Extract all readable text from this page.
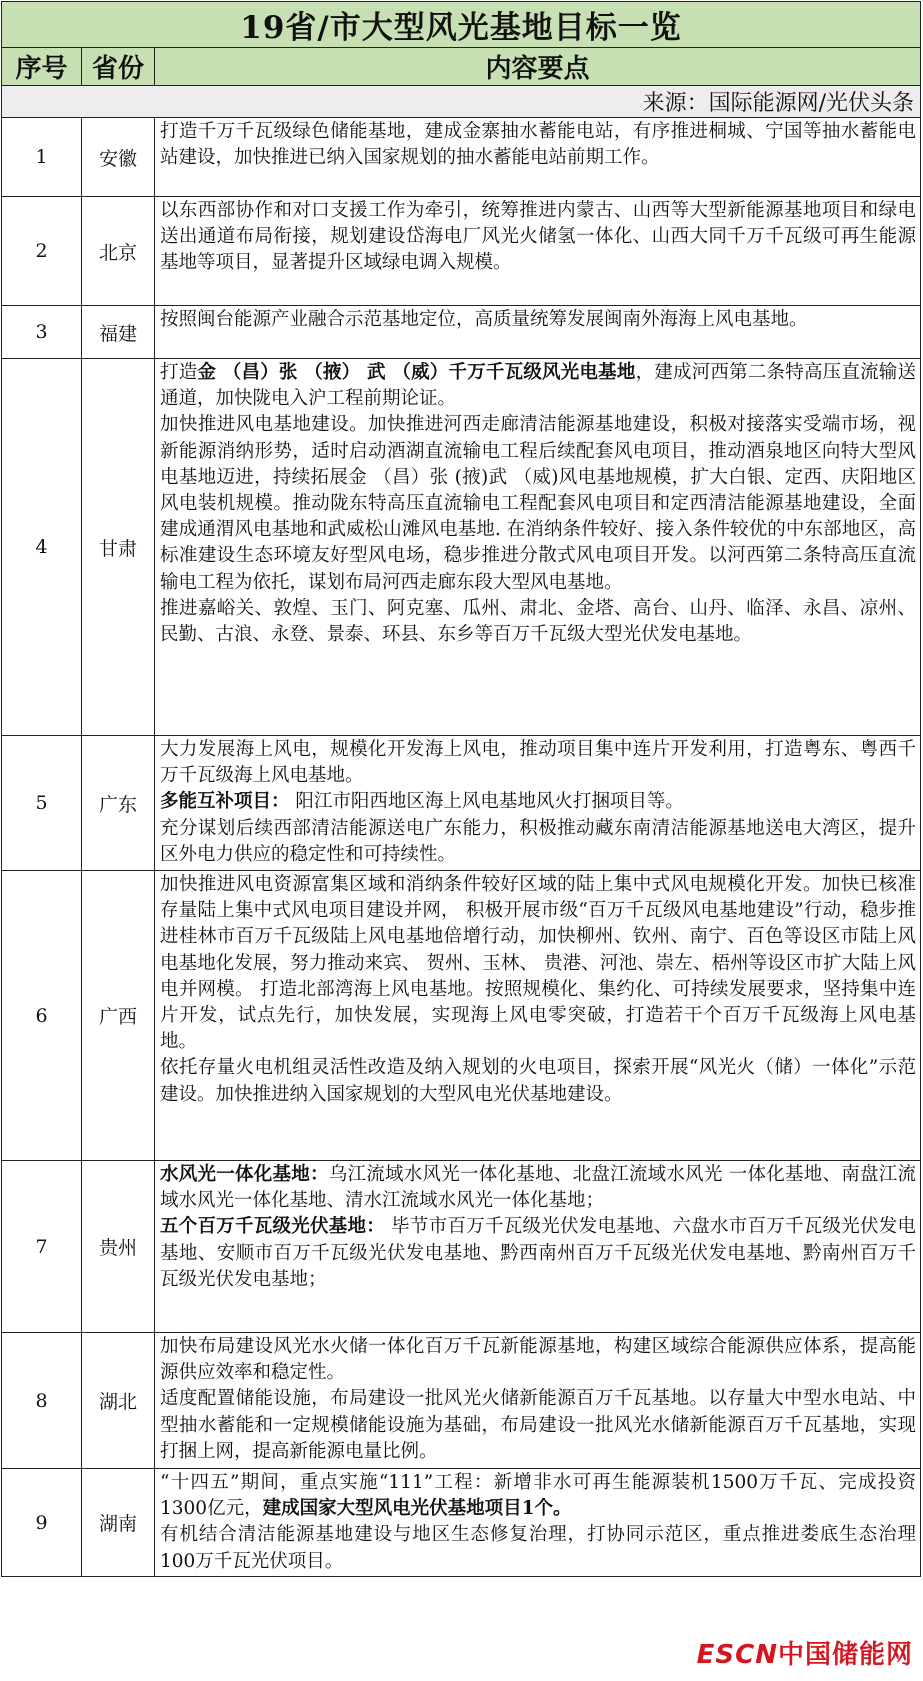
19省/市大型风光基地目标一览		
序号	省份	内容要点
来源：国际能源网/光伏头条		
1	安徽	打造千万千瓦级绿色储能基地，建成金寨抽水蓄能电站，有序推进桐城、宁国等抽水蓄能电站建设，加快推进已纳入国家规划的抽水蓄能电站前期工作。

2	北京	以东西部协作和对口支援工作为牵引，统筹推进内蒙古、山西等大型新能源基地项目和绿电送出通道布局衔接，规划建设岱海电厂风光火储氢一体化、山西大同千万千瓦级可再生能源基地等项目，显著提升区域绿电调入规模。

3	福建	按照闽台能源产业融合示范基地定位，高质量统筹发展闽南外海海上风电基地。

4	甘肃	打造金 （昌）张 （掖） 武 （威）千万千瓦级风光电基地，建成河西第二条特高压直流输送通道，加快陇电入沪工程前期论证。

加快推进风电基地建设。加快推进河西走廊清洁能源基地建设，积极对接落实受端市场，视新能源消纳形势，适时启动酒湖直流输电工程后续配套风电项目，推动酒泉地区向特大型风电基地迈进，持续拓展金 （昌）张 (掖)武 （威)风电基地规模，扩大白银、定西、庆阳地区风电装机规模。推动陇东特高压直流输电工程配套风电项目和定西清洁能源基地建设，全面建成通渭风电基地和武威松山滩风电基地. 在消纳条件较好、接入条件较优的中东部地区，高标准建设生态环境友好型风电场，稳步推进分散式风电项目开发。以河西第二条特高压直流输电工程为依托，谋划布局河西走廊东段大型风电基地。

推进嘉峪关、敦煌、玉门、阿克塞、瓜州、肃北、金塔、高台、山丹、临泽、永昌、凉州、民勤、古浪、永登、景泰、环县、东乡等百万千瓦级大型光伏发电基地。

5	广东	大力发展海上风电，规模化开发海上风电，推动项目集中连片开发利用，打造粤东、粤西千万千瓦级海上风电基地。

多能互补项目： 阳江市阳西地区海上风电基地风火打捆项目等。

充分谋划后续西部清洁能源送电广东能力，积极推动藏东南清洁能源基地送电大湾区，提升区外电力供应的稳定性和可持续性。

6	广西	加快推进风电资源富集区域和消纳条件较好区域的陆上集中式风电规模化开发。加快已核准存量陆上集中式风电项目建设并网， 积极开展市级“百万千瓦级风电基地建设”行动，稳步推进桂林市百万千瓦级陆上风电基地倍增行动，加快柳州、钦州、南宁、百色等设区市陆上风电基地化发展，努力推动来宾、 贺州、玉林、 贵港、河池、崇左、梧州等设区市扩大陆上风电并网模。 打造北部湾海上风电基地。按照规模化、集约化、可持续发展要求，坚持集中连片开发，试点先行，加快发展，实现海上风电零突破，打造若干个百万千瓦级海上风电基地。

依托存量火电机组灵活性改造及纳入规划的火电项目，探索开展“风光火（储）一体化”示范建设。加快推进纳入国家规划的大型风电光伏基地建设。

7	贵州	水风光一体化基地：乌江流域水风光一体化基地、北盘江流域水风光 一体化基地、南盘江流域水风光一体化基地、清水江流域水风光一体化基地；

五个百万千瓦级光伏基地： 毕节市百万千瓦级光伏发电基地、六盘水市百万千瓦级光伏发电基地、安顺市百万千瓦级光伏发电基地、黔西南州百万千瓦级光伏发电基地、黔南州百万千瓦级光伏发电基地；

8	湖北	加快布局建设风光水火储一体化百万千瓦新能源基地，构建区域综合能源供应体系，提高能源供应效率和稳定性。

适度配置储能设施，布局建设一批风光火储新能源百万千瓦基地。以存量大中型水电站、中型抽水蓄能和一定规模储能设施为基础，布局建设一批风光水储新能源百万千瓦基地，实现打捆上网，提高新能源电量比例。

9	湖南	“十四五”期间，重点实施“111”工程：新增非水可再生能源装机1500万千瓦、完成投资1300亿元，建成国家大型风电光伏基地项目1个。

有机结合清洁能源基地建设与地区生态修复治理，打协同示范区，重点推进娄底生态治理100万千瓦光伏项目。

ESCN中国储能网
